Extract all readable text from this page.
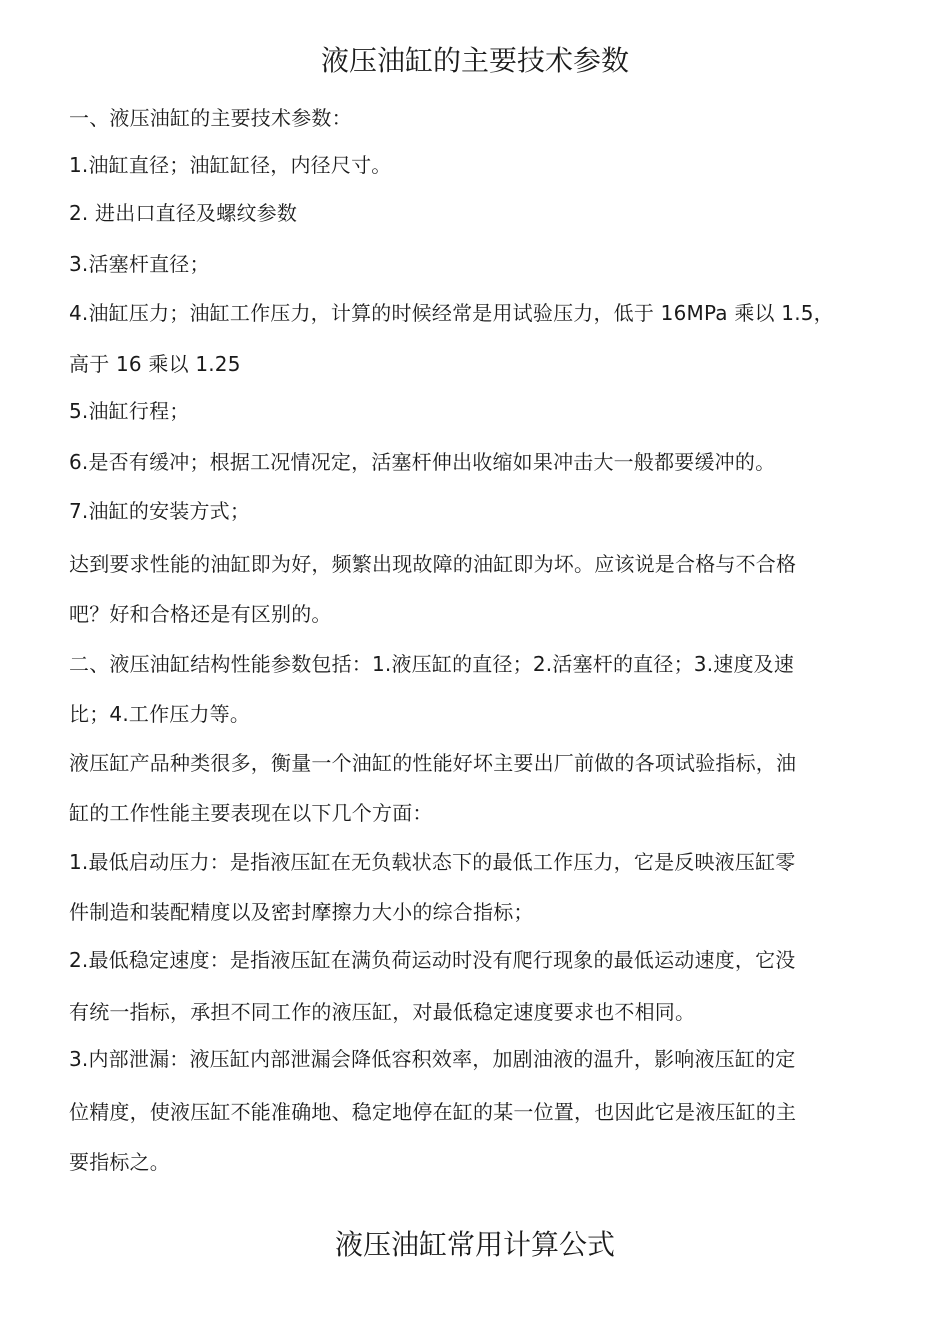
液压油缸的主要技术参数
一、液压油缸的主要技术参数：
1.油缸直径；油缸缸径，内径尺寸。
2. 进出口直径及螺纹参数
3.活塞杆直径；
4.油缸压力；油缸工作压力，计算的时候经常是用试验压力，低于 16MPa 乘以 1.5，
高于 16 乘以 1.25
5.油缸行程；
6.是否有缓冲；根据工况情况定，活塞杆伸出收缩如果冲击大一般都要缓冲的。
7.油缸的安装方式；
达到要求性能的油缸即为好，频繁出现故障的油缸即为坏。应该说是合格与不合格
吧？好和合格还是有区别的。
二、液压油缸结构性能参数包括：1.液压缸的直径；2.活塞杆的直径；3.速度及速
比；4.工作压力等。
液压缸产品种类很多，衡量一个油缸的性能好坏主要出厂前做的各项试验指标，油
缸的工作性能主要表现在以下几个方面：
1.最低启动压力：是指液压缸在无负载状态下的最低工作压力，它是反映液压缸零
件制造和装配精度以及密封摩擦力大小的综合指标；
2.最低稳定速度：是指液压缸在满负荷运动时没有爬行现象的最低运动速度，它没
有统一指标，承担不同工作的液压缸，对最低稳定速度要求也不相同。
3.内部泄漏：液压缸内部泄漏会降低容积效率，加剧油液的温升，影响液压缸的定
位精度，使液压缸不能准确地、稳定地停在缸的某一位置，也因此它是液压缸的主
要指标之。
液压油缸常用计算公式
